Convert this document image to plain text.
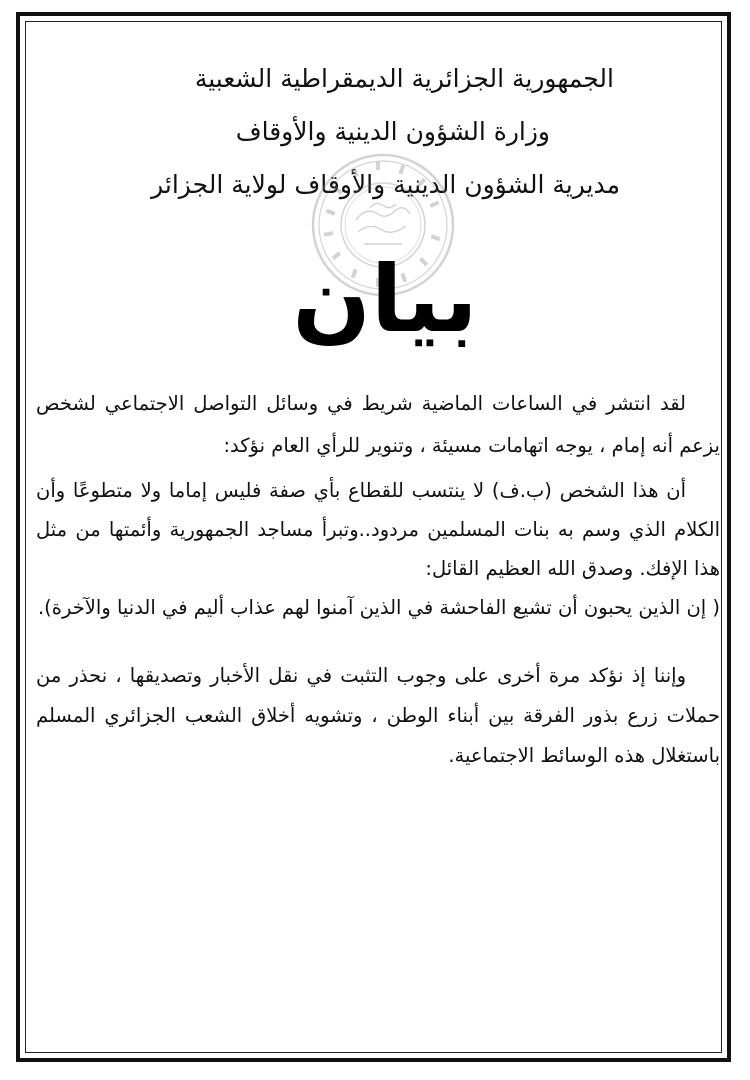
الجمهورية الجزائرية الديمقراطية الشعبية
وزارة الشؤون الدينية والأوقاف
مديرية الشؤون الدينية والأوقاف لولاية الجزائر
بيان

لقد انتشر في الساعات الماضية شريط في وسائل التواصل الاجتماعي لشخص يزعم أنه إمام ، يوجه اتهامات مسيئة ، وتنوير للرأي العام نؤكد:

أن هذا الشخص (ب.ف) لا ينتسب للقطاع بأي صفة فليس إماما ولا متطوعًا وأن الكلام الذي وسم به بنات المسلمين مردود..وتبرأ مساجد الجمهورية وأئمتها من مثل هذا الإفك. وصدق الله العظيم القائل:

( إن الذين يحبون أن تشيع الفاحشة في الذين آمنوا لهم عذاب أليم في الدنيا والآخرة).

وإننا إذ نؤكد مرة أخرى على وجوب التثبت في نقل الأخبار وتصديقها ، نحذر من حملات زرع بذور الفرقة بين أبناء الوطن ، وتشويه أخلاق الشعب الجزائري المسلم باستغلال هذه الوسائط الاجتماعية.
